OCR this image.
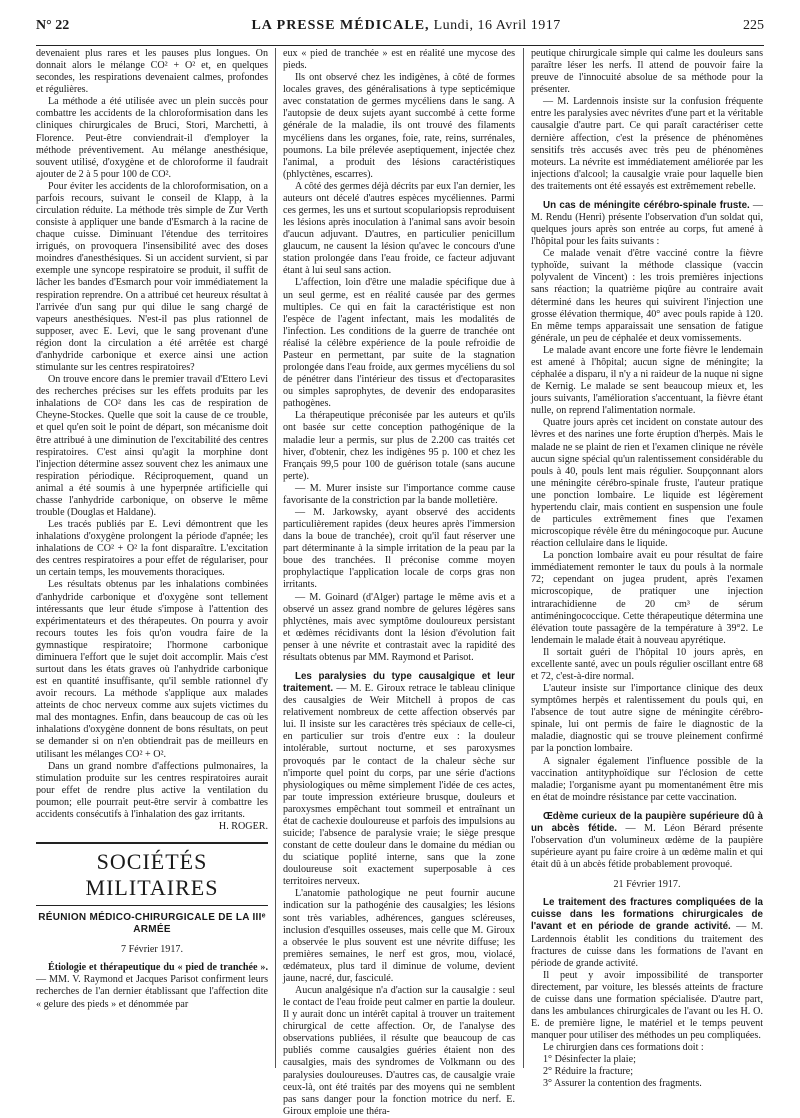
N° 22	LA PRESSE MÉDICALE, Lundi, 16 Avril 1917	225

devenaient plus rares et les pauses plus longues. On donnait alors le mélange CO² + O² et, en quelques secondes, les respirations devenaient calmes, profondes et régulières.

La méthode a été utilisée avec un plein succès pour combattre les accidents de la chloroformisation dans les cliniques chirurgicales de Bruci, Stori, Marchetti, à Florence. Peut-être conviendrait-il d'employer la méthode préventivement. Au mélange anesthésique, souvent utilisé, d'oxygène et de chloroforme il faudrait ajouter de 2 à 5 pour 100 de CO².

Pour éviter les accidents de la chloroformisation, on a parfois recours, suivant le conseil de Klapp, à la circulation réduite. La méthode très simple de Zur Verth consiste à appliquer une bande d'Esmarch à la racine de chaque cuisse. Diminuant l'étendue des territoires irrigués, on provoquera l'insensibilité avec des doses moindres d'anesthésiques. Si un accident survient, si par exemple une syncope respiratoire se produit, il suffit de lâcher les bandes d'Esmarch pour voir immédiatement la respiration reprendre. On a attribué cet heureux résultat à l'arrivée d'un sang pur qui dilue le sang chargé de vapeurs anesthésiques. N'est-il pas plus rationnel de supposer, avec E. Levi, que le sang provenant d'une région dont la circulation a été arrêtée est chargé d'anhydride carbonique et exerce ainsi une action stimulante sur les centres respiratoires?

On trouve encore dans le premier travail d'Ettero Levi des recherches précises sur les effets produits par les inhalations de CO² dans les cas de respiration de Cheyne-Stockes. Quelle que soit la cause de ce trouble, et quel qu'en soit le point de départ, son mécanisme doit être attribué à une diminution de l'excitabilité des centres respiratoires. C'est ainsi qu'agit la morphine dont l'injection détermine assez souvent chez les animaux une respiration périodique. Réciproquement, quand un animal a été soumis à une hyperpnée artificielle qui chasse l'anhydride carbonique, on observe le même trouble (Douglas et Haldane).

Les tracés publiés par E. Levi démontrent que les inhalations d'oxygène prolongent la période d'apnée; les inhalations de CO² + O² la font disparaître. L'excitation des centres respiratoires a pour effet de régulariser, pour un certain temps, les mouvements thoraciques.

Les résultats obtenus par les inhalations combinées d'anhydride carbonique et d'oxygène sont tellement intéressants que leur étude s'impose à l'attention des expérimentateurs et des thérapeutes. On pourra y avoir recours toutes les fois qu'on voudra faire de la gymnastique respiratoire; l'hormone carbonique diminuera l'effort que le sujet doit accomplir. Mais c'est surtout dans les états graves où l'anhydride carbonique est en quantité insuffisante, qu'il semble rationnel d'y avoir recours. La méthode s'applique aux malades atteints de choc nerveux comme aux sujets victimes du mal des montagnes. Enfin, dans beaucoup de cas où les inhalations d'oxygène donnent de bons résultats, on peut se demander si on n'en obtiendrait pas de meilleurs en utilisant les mélanges CO² + O².

Dans un grand nombre d'affections pulmonaires, la stimulation produite sur les centres respiratoires aurait pour effet de rendre plus active la ventilation du poumon; elle pourrait peut-être servir à combattre les accidents consécutifs à l'inhalation des gaz irritants.

H. ROGER.
SOCIÉTÉS MILITAIRES
RÉUNION MÉDICO-CHIRURGICALE DE LA IIIᵉ ARMÉE

7 Février 1917.

Étiologie et thérapeutique du « pied de tranchée ». — MM. V. Raymond et Jacques Parisot confirment leurs recherches de l'an dernier établissant que l'affection dite « gelure des pieds » et dénommée par

eux « pied de tranchée » est en réalité une mycose des pieds.

Ils ont observé chez les indigènes, à côté de formes locales graves, des généralisations à type septicémique avec constatation de germes mycéliens dans le sang. A l'autopsie de deux sujets ayant succombé à cette forme générale de la maladie, ils ont trouvé des filaments mycéliens dans les organes, foie, rate, reins, surrénales, poumons. La bile prélevée aseptiquement, injectée chez l'animal, a produit des lésions caractéristiques (phlyctènes, escarres).

A côté des germes déjà décrits par eux l'an dernier, les auteurs ont décelé d'autres espèces mycéliennes. Parmi ces germes, les uns et surtout scopulariopsis reproduisent les lésions après inoculation à l'animal sans avoir besoin d'aucun adjuvant. D'autres, en particulier penicillum glaucum, ne causent la lésion qu'avec le concours d'une station prolongée dans l'eau froide, ce facteur adjuvant étant à lui seul sans action.

L'affection, loin d'être une maladie spécifique due à un seul germe, est en réalité causée par des germes multiples. Ce qui en fait la caractéristique est non l'espèce de l'agent infectant, mais les modalités de l'infection. Les conditions de la guerre de tranchée ont réalisé la célèbre expérience de la poule refroidie de Pasteur en permettant, par suite de la stagnation prolongée dans l'eau froide, aux germes mycéliens du sol de pénétrer dans l'intérieur des tissus et d'ectoparasites ou simples saprophytes, de devenir des endoparasites pathogènes.

La thérapeutique préconisée par les auteurs et qu'ils ont basée sur cette conception pathogénique de la maladie leur a permis, sur plus de 2.200 cas traités cet hiver, d'obtenir, chez les indigènes 95 p. 100 et chez les Français 99,5 pour 100 de guérison totale (sans aucune perte).

— M. Murer insiste sur l'importance comme cause favorisante de la constriction par la bande molletière.

— M. Jarkowsky, ayant observé des accidents particulièrement rapides (deux heures après l'immersion dans la boue de tranchée), croit qu'il faut réserver une part déterminante à la simple irritation de la peau par la boue des tranchées. Il préconise comme moyen prophylactique l'application locale de corps gras non irritants.

— M. Goinard (d'Alger) partage le même avis et a observé un assez grand nombre de gelures légères sans phlyctènes, mais avec symptôme douloureux persistant et œdèmes récidivants dont la lésion d'évolution fait penser à une névrite et contrastait avec la rapidité des résultats obtenus par MM. Raymond et Parisot.

Les paralysies du type causalgique et leur traitement. — M. E. Giroux retrace le tableau clinique des causalgies de Weir Mitchell à propos de cas relativement nombreux de cette affection observés par lui. Il insiste sur les caractères très spéciaux de celle-ci, en particulier sur trois d'entre eux : la douleur intolérable, surtout nocturne, et ses paroxysmes provoqués par le contact de la chaleur sèche sur n'importe quel point du corps, par une série d'actions physiologiques ou même simplement l'idée de ces actes, par toute impression extérieure brusque, douleurs et paroxysmes empêchant tout sommeil et entraînant un état de cachexie douloureuse et parfois des impulsions au suicide; l'absence de paralysie vraie; le siège presque constant de cette douleur dans le domaine du médian ou du sciatique poplité interne, sans que la zone douloureuse soit exactement superposable à ces territoires nerveux.

L'anatomie pathologique ne peut fournir aucune indication sur la pathogénie des causalgies; les lésions sont très variables, adhérences, gangues scléreuses, inclusion d'esquilles osseuses, mais celle que M. Giroux a observée le plus souvent est une névrite diffuse; les premières semaines, le nerf est gros, mou, violacé, œdémateux, plus tard il diminue de volume, devient jaune, nacré, dur, fasciculé.

Aucun analgésique n'a d'action sur la causalgie : seul le contact de l'eau froide peut calmer en partie la douleur. Il y aurait donc un intérêt capital à trouver un traitement chirurgical de cette affection. Or, de l'analyse des observations publiées, il résulte que beaucoup de cas publiés comme causalgies guéries étaient non des causalgies, mais des syndromes de Volkmann ou des paralysies douloureuses. D'autres cas, de causalgie vraie ceux-là, ont été traités par des moyens qui ne semblent pas sans danger pour la fonction motrice du nerf. E. Giroux emploie une théra-

peutique chirurgicale simple qui calme les douleurs sans paraître léser les nerfs. Il attend de pouvoir faire la preuve de l'innocuité absolue de sa méthode pour la présenter.

— M. Lardennois insiste sur la confusion fréquente entre les paralysies avec névrites d'une part et la véritable causalgie d'autre part. Ce qui paraît caractériser cette dernière affection, c'est la présence de phénomènes sensitifs très accusés avec très peu de phénomènes moteurs. La névrite est immédiatement améliorée par les injections d'alcool; la causalgie vraie pour laquelle bien des traitements ont été essayés est extrêmement rebelle.

Un cas de méningite cérébro-spinale fruste. — M. Rendu (Henri) présente l'observation d'un soldat qui, quelques jours après son entrée au corps, fut amené à l'hôpital pour les faits suivants :

Ce malade venait d'être vacciné contre la fièvre typhoïde, suivant la méthode classique (vaccin polyvalent de Vincent) : les trois premières injections sans réaction; la quatrième piqûre au contraire avait déterminé dans les heures qui suivirent l'injection une grosse élévation thermique, 40° avec pouls rapide à 120. En même temps apparaissait une sensation de fatigue générale, un peu de céphalée et deux vomissements.

Le malade avant encore une forte fièvre le lendemain est amené à l'hôpital; aucun signe de méningite; la céphalée a disparu, il n'y a ni raideur de la nuque ni signe de Kernig. Le malade se sent beaucoup mieux et, les jours suivants, l'amélioration s'accentuant, la fièvre étant nulle, on reprend l'alimentation normale.

Quatre jours après cet incident on constate autour des lèvres et des narines une forte éruption d'herpès. Mais le malade ne se plaint de rien et l'examen clinique ne révèle aucun signe spécial qu'un ralentissement considérable du pouls à 40, pouls lent mais régulier. Soupçonnant alors une méningite cérébro-spinale fruste, l'auteur pratique une ponction lombaire. Le liquide est légèrement hypertendu clair, mais contient en suspension une foule de particules extrêmement fines que l'examen microscopique révèle être du méningocoque pur. Aucune réaction cellulaire dans le liquide.

La ponction lombaire avait eu pour résultat de faire immédiatement remonter le taux du pouls à la normale 72; cependant on jugea prudent, après l'examen microscopique, de pratiquer une injection intrarachidienne de 20 cm³ de sérum antiméningococcique. Cette thérapeutique détermina une élévation toute passagère de la température à 39°2. Le lendemain le malade était à nouveau apyrétique.

Il sortait guéri de l'hôpital 10 jours après, en excellente santé, avec un pouls régulier oscillant entre 68 et 72, c'est-à-dire normal.

L'auteur insiste sur l'importance clinique des deux symptômes herpès et ralentissement du pouls qui, en l'absence de tout autre signe de méningite cérébro-spinale, lui ont permis de faire le diagnostic de la maladie, diagnostic qui se trouve pleinement confirmé par la ponction lombaire.

A signaler également l'influence possible de la vaccination antityphoïdique sur l'éclosion de cette maladie; l'organisme ayant pu momentanément être mis en état de moindre résistance par cette vaccination.

Œdème curieux de la paupière supérieure dû à un abcès fétide. — M. Léon Bérard présente l'observation d'un volumineux œdème de la paupière supérieure ayant pu faire croire à un œdème malin et qui était dû à un abcès fétide probablement provoqué.

21 Février 1917.

Le traitement des fractures compliquées de la cuisse dans les formations chirurgicales de l'avant et en période de grande activité. — M. Lardennois établit les conditions du traitement des fractures de cuisse dans les formations de l'avant en période de grande activité.

Il peut y avoir impossibilité de transporter directement, par voiture, les blessés atteints de fracture de cuisse dans une formation spécialisée. D'autre part, dans les ambulances chirurgicales de l'avant ou les H. O. E. de première ligne, le matériel et le temps peuvent manquer pour utiliser des méthodes un peu compliquées.

Le chirurgien dans ces formations doit :

1° Désinfecter la plaie;

2° Réduire la fracture;

3° Assurer la contention des fragments.
